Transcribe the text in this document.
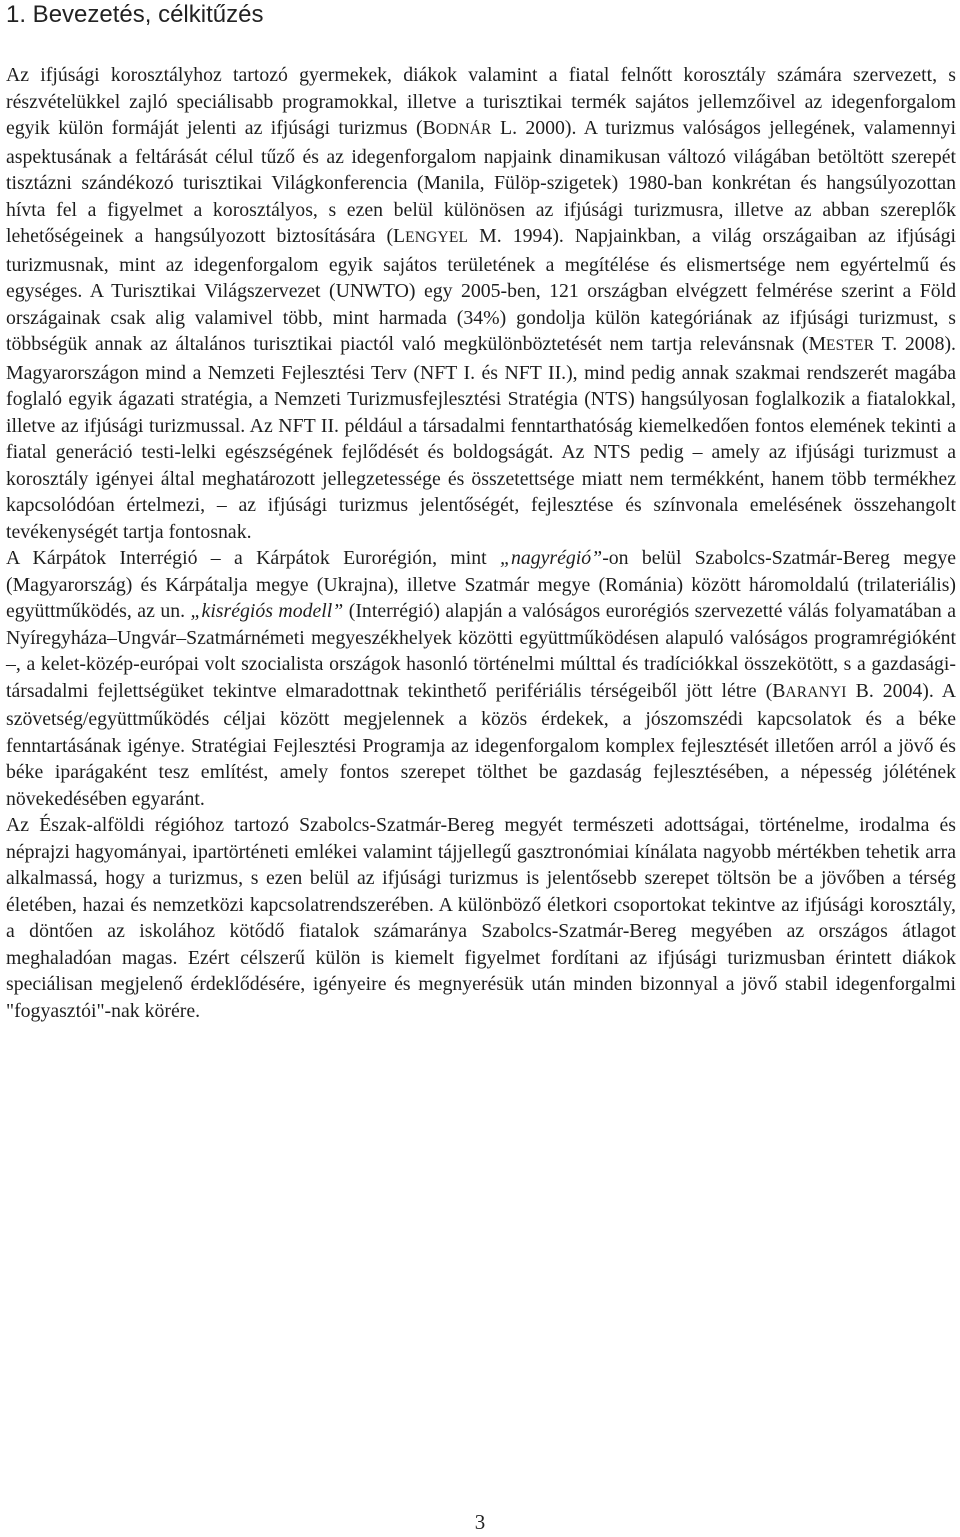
1. Bevezetés, célkitűzés

Az ifjúsági korosztályhoz tartozó gyermekek, diákok valamint a fiatal felnőtt korosztály számára szervezett, s részvételükkel zajló speciálisabb programokkal, illetve a turisztikai termék sajátos jellemzőivel az idegenforgalom egyik külön formáját jelenti az ifjúsági turizmus (BODNÁR L. 2000). A turizmus valóságos jellegének, valamennyi aspektusának a feltárását célul tűző és az idegenforgalom napjaink dinamikusan változó világában betöltött szerepét tisztázni szándékozó turisztikai Világkonferencia (Manila, Fülöp-szigetek) 1980-ban konkrétan és hangsúlyozottan hívta fel a figyelmet a korosztályos, s ezen belül különösen az ifjúsági turizmusra, illetve az abban szereplők lehetőségeinek a hangsúlyozott biztosítására (LENGYEL M. 1994). Napjainkban, a világ országaiban az ifjúsági turizmusnak, mint az idegenforgalom egyik sajátos területének a megítélése és elismertsége nem egyértelmű és egységes. A Turisztikai Világszervezet (UNWTO) egy 2005-ben, 121 országban elvégzett felmérése szerint a Föld országainak csak alig valamivel több, mint harmada (34%) gondolja külön kategóriának az ifjúsági turizmust, s többségük annak az általános turisztikai piactól való megkülönböztetését nem tartja relevánsnak (MESTER T. 2008). Magyarországon mind a Nemzeti Fejlesztési Terv (NFT I. és NFT II.), mind pedig annak szakmai rendszerét magába foglaló egyik ágazati stratégia, a Nemzeti Turizmusfejlesztési Stratégia (NTS) hangsúlyosan foglalkozik a fiatalokkal, illetve az ifjúsági turizmussal. Az NFT II. például a társadalmi fenntarthatóság kiemelkedően fontos elemének tekinti a fiatal generáció testi-lelki egészségének fejlődését és boldogságát. Az NTS pedig – amely az ifjúsági turizmust a korosztály igényei által meghatározott jellegzetessége és összetettsége miatt nem termékként, hanem több termékhez kapcsolódóan értelmezi, – az ifjúsági turizmus jelentőségét, fejlesztése és színvonala emelésének összehangolt tevékenységét tartja fontosnak.

A Kárpátok Interrégió – a Kárpátok Eurorégión, mint „nagyrégió”-on belül Szabolcs-Szatmár-Bereg megye (Magyarország) és Kárpátalja megye (Ukrajna), illetve Szatmár megye (Románia) között háromoldalú (trilateriális) együttműködés, az un. „kisrégiós modell” (Interrégió) alapján a valóságos eurorégiós szervezetté válás folyamatában a Nyíregyháza–Ungvár–Szatmárnémeti megyeszékhelyek közötti együttműködésen alapuló valóságos programrégióként –, a kelet-közép-európai volt szocialista országok hasonló történelmi múlttal és tradíciókkal összekötött, s a gazdasági-társadalmi fejlettségüket tekintve elmaradottnak tekinthető perifériális térségeiből jött létre (BARANYI B. 2004). A szövetség/együttműködés céljai között megjelennek a közös érdekek, a jószomszédi kapcsolatok és a béke fenntartásának igénye. Stratégiai Fejlesztési Programja az idegenforgalom komplex fejlesztését illetően arról a jövő és béke iparágaként tesz említést, amely fontos szerepet tölthet be gazdaság fejlesztésében, a népesség jólétének növekedésében egyaránt.

Az Észak-alföldi régióhoz tartozó Szabolcs-Szatmár-Bereg megyét természeti adottságai, történelme, irodalma és néprajzi hagyományai, ipartörténeti emlékei valamint tájjellegű gasztronómiai kínálata nagyobb mértékben tehetik arra alkalmassá, hogy a turizmus, s ezen belül az ifjúsági turizmus is jelentősebb szerepet töltsön be a jövőben a térség életében, hazai és nemzetközi kapcsolatrendszerében. A különböző életkori csoportokat tekintve az ifjúsági korosztály, a döntően az iskolához kötődő fiatalok számaránya Szabolcs-Szatmár-Bereg megyében az országos átlagot meghaladóan magas. Ezért célszerű külön is kiemelt figyelmet fordítani az ifjúsági turizmusban érintett diákok speciálisan megjelenő érdeklődésére, igényeire és megnyerésük után minden bizonnyal a jövő stabil idegenforgalmi "fogyasztói"-nak körére.

3
